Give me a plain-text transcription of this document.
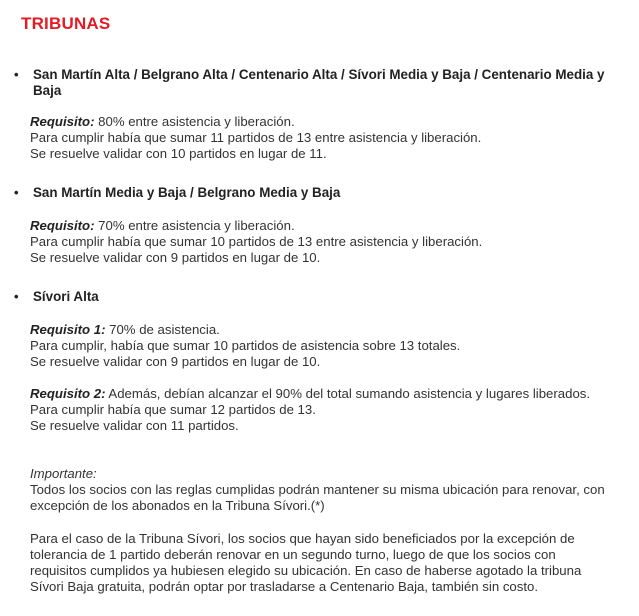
TRIBUNAS
• San Martín Alta / Belgrano Alta / Centenario Alta / Sívori Media y Baja / Centenario Media y Baja

Requisito: 80% entre asistencia y liberación.

Para cumplir había que sumar 11 partidos de 13 entre asistencia y liberación.

Se resuelve validar con 10 partidos en lugar de 11.

• San Martín Media y Baja / Belgrano Media y Baja

Requisito: 70% entre asistencia y liberación.

Para cumplir había que sumar 10 partidos de 13 entre asistencia y liberación.

Se resuelve validar con 9 partidos en lugar de 10.

• Sívori Alta

Requisito 1: 70% de asistencia.

Para cumplir, había que sumar 10 partidos de asistencia sobre 13 totales.

Se resuelve validar con 9 partidos en lugar de 10.

Requisito 2: Además, debían alcanzar el 90% del total sumando asistencia y lugares liberados.

Para cumplir había que sumar 12 partidos de 13.

Se resuelve validar con 11 partidos.

Importante:

Todos los socios con las reglas cumplidas podrán mantener su misma ubicación para renovar, con excepción de los abonados en la Tribuna Sívori.(*)

Para el caso de la Tribuna Sívori, los socios que hayan sido beneficiados por la excepción de tolerancia de 1 partido deberán renovar en un segundo turno, luego de que los socios con requisitos cumplidos ya hubiesen elegido su ubicación. En caso de haberse agotado la tribuna Sívori Baja gratuita, podrán optar por trasladarse a Centenario Baja, también sin costo.
